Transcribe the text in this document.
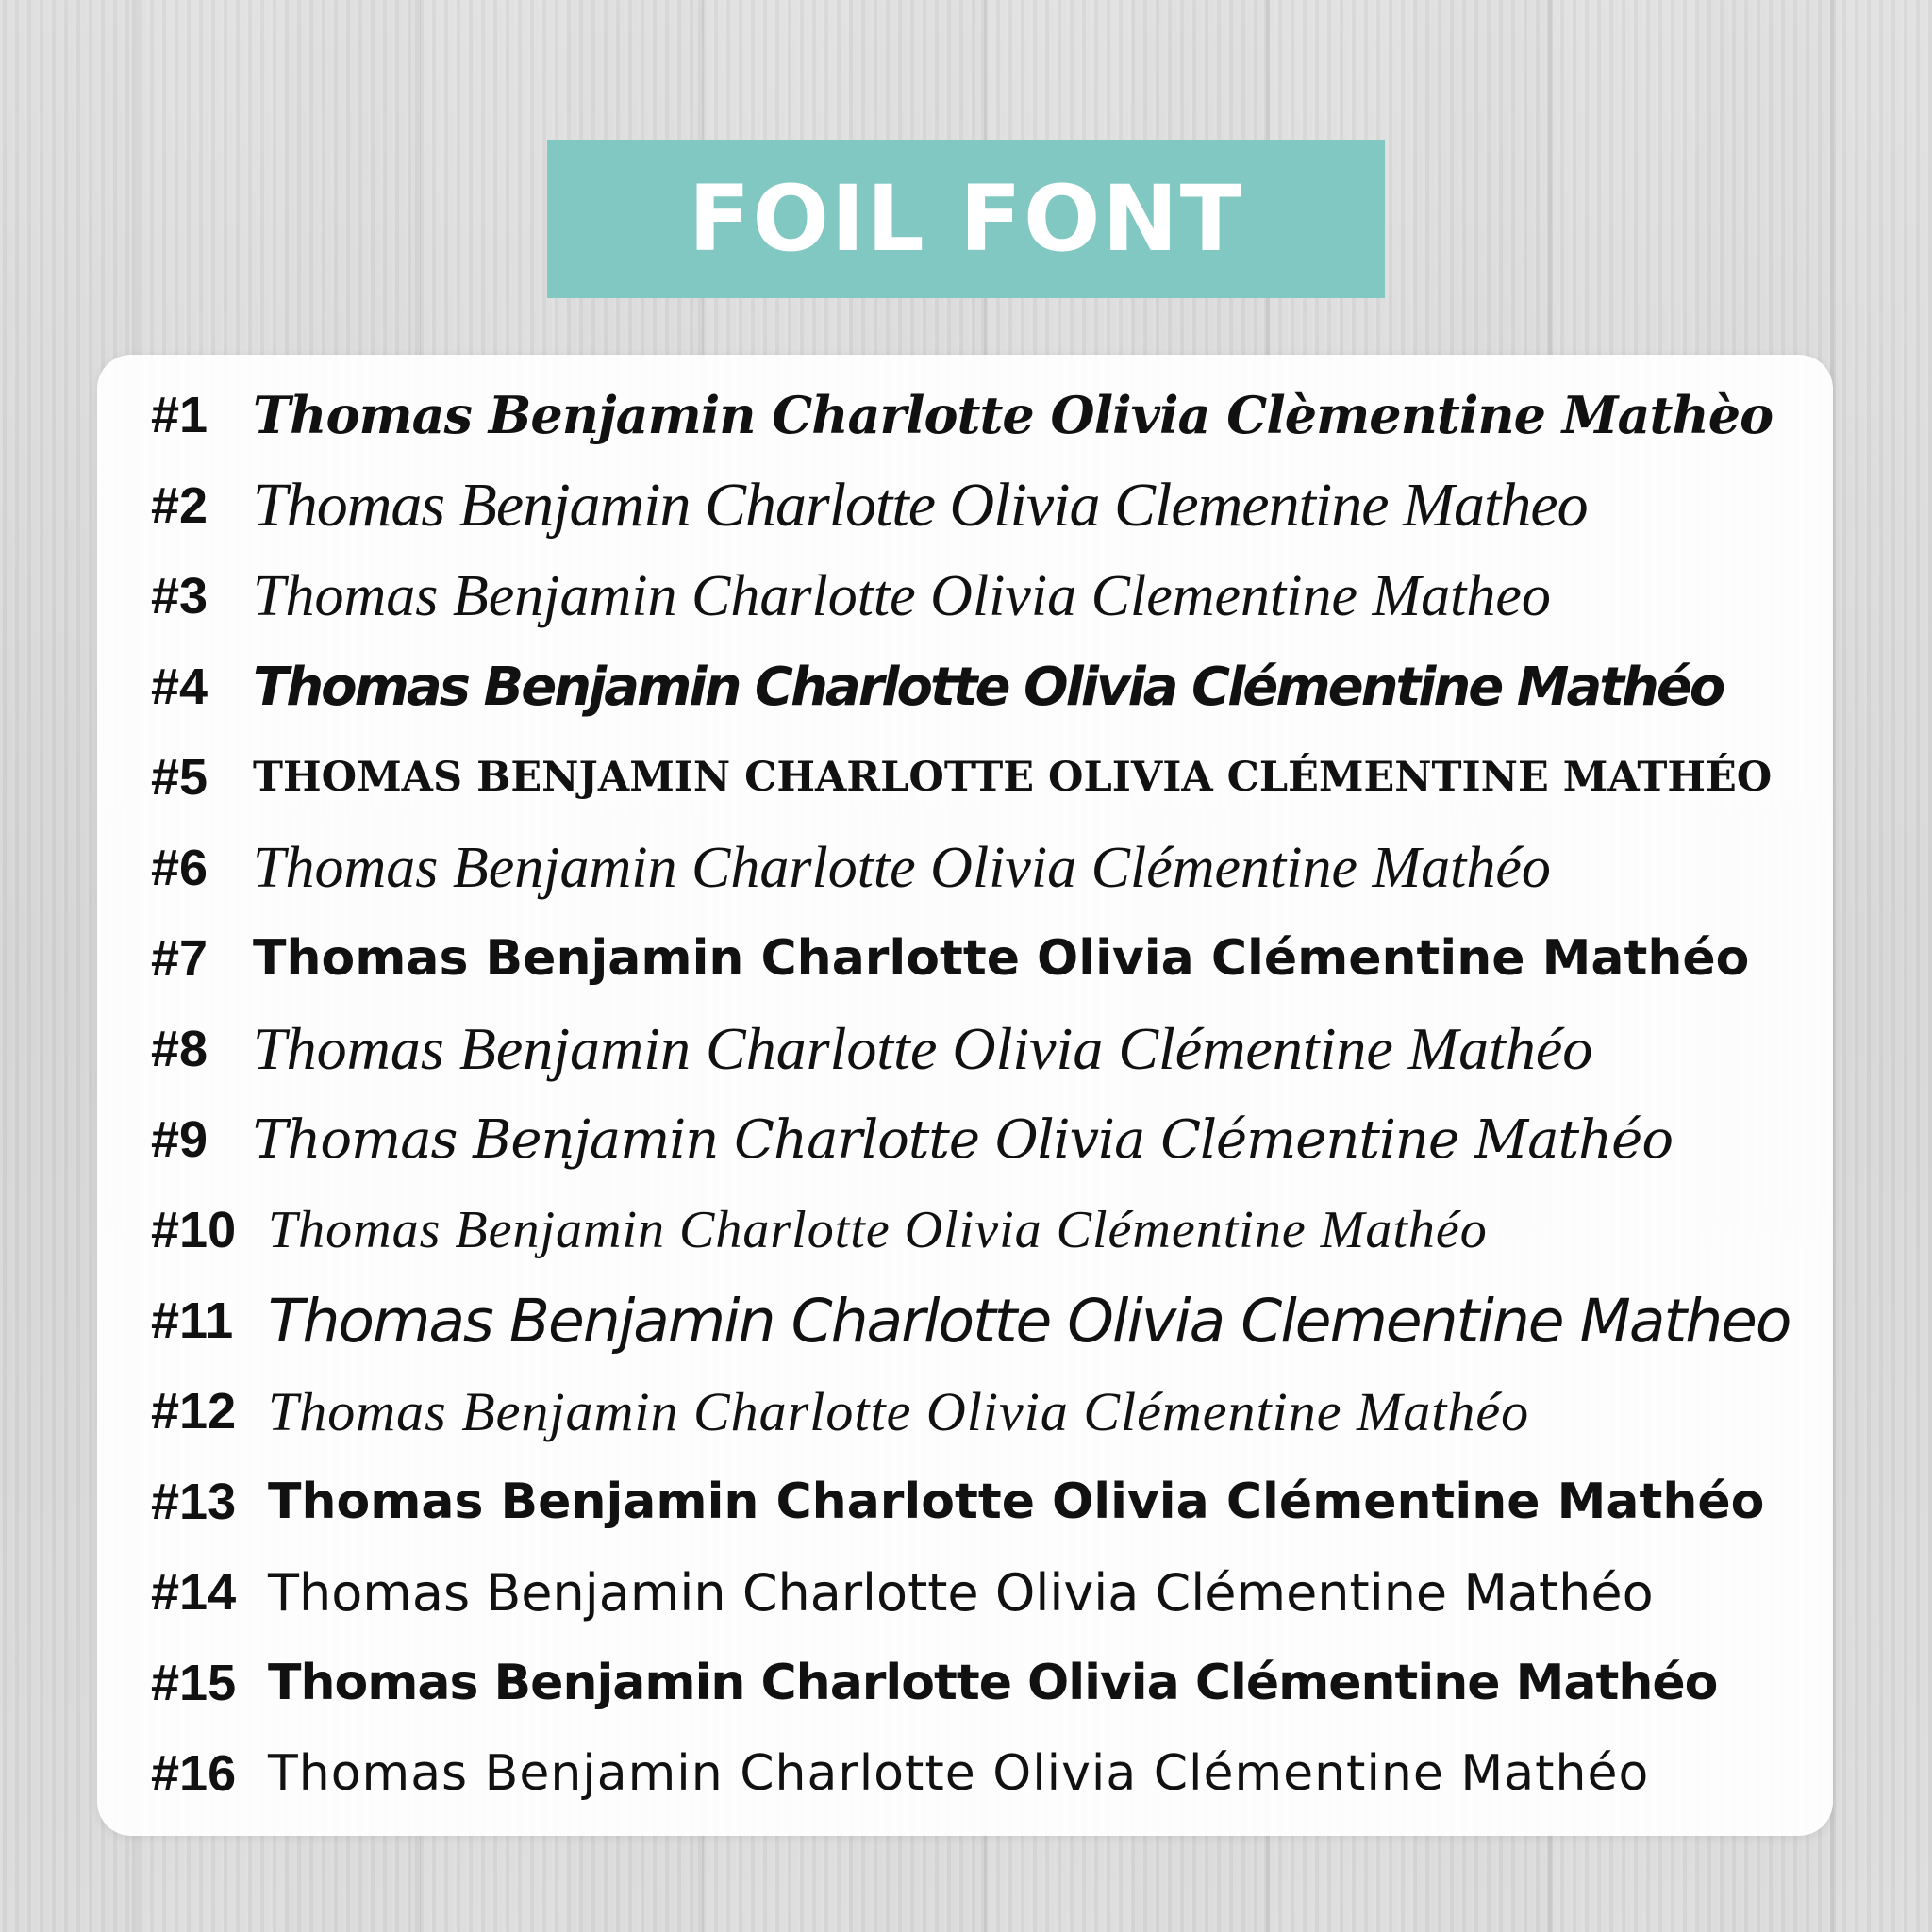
FOIL FONT
#1 Thomas Benjamin Charlotte Olivia Clèmentine Mathèo
#2 Thomas Benjamin Charlotte Olivia Clementine Matheo
#3 Thomas Benjamin Charlotte Olivia Clementine Matheo
#4 Thomas Benjamin Charlotte Olivia Clémentine Mathéo
#5	THOMAS BENJAMIN CHARLOTTE OLIVIA CLÉMENTINE MATHÉO
#6 Thomas Benjamin Charlotte Olivia Clémentine Mathéo
#7 Thomas Benjamin Charlotte Olivia Clémentine Mathéo
#8 Thomas Benjamin Charlotte Olivia Clémentine Mathéo
#9 Thomas Benjamin Charlotte Olivia Clémentine Mathéo
#10 Thomas Benjamin Charlotte Olivia Clémentine Mathéo
#11 Thomas Benjamin Charlotte Olivia Clementine Matheo
#12 Thomas Benjamin Charlotte Olivia Clémentine Mathéo
#13 Thomas Benjamin Charlotte Olivia Clémentine Mathéo
#14 Thomas Benjamin Charlotte Olivia Clémentine Mathéo
#15 Thomas Benjamin Charlotte Olivia Clémentine Mathéo
#16 Thomas Benjamin Charlotte Olivia Clémentine Mathéo
